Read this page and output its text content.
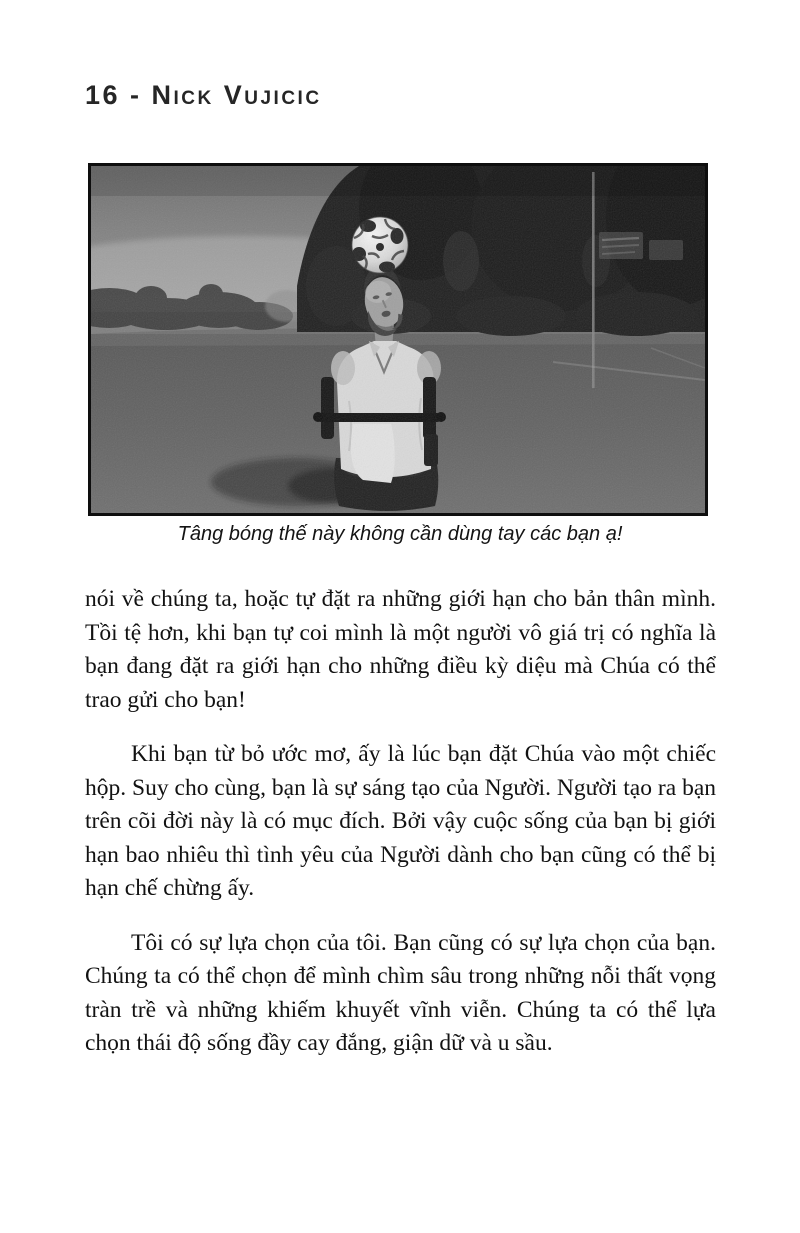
16 - Nick Vujicic
Tâng bóng thế này không cần dùng tay các bạn ạ!

nói về chúng ta, hoặc tự đặt ra những giới hạn cho bản thân mình. Tồi tệ hơn, khi bạn tự coi mình là một người vô giá trị có nghĩa là bạn đang đặt ra giới hạn cho những điều kỳ diệu mà Chúa có thể trao gửi cho bạn!

Khi bạn từ bỏ ước mơ, ấy là lúc bạn đặt Chúa vào một chiếc hộp. Suy cho cùng, bạn là sự sáng tạo của Người. Người tạo ra bạn trên cõi đời này là có mục đích. Bởi vậy cuộc sống của bạn bị giới hạn bao nhiêu thì tình yêu của Người dành cho bạn cũng có thể bị hạn chế chừng ấy.

Tôi có sự lựa chọn của tôi. Bạn cũng có sự lựa chọn của bạn. Chúng ta có thể chọn để mình chìm sâu trong những nỗi thất vọng tràn trề và những khiếm khuyết vĩnh viễn. Chúng ta có thể lựa chọn thái độ sống đầy cay đắng, giận dữ và u sầu.
